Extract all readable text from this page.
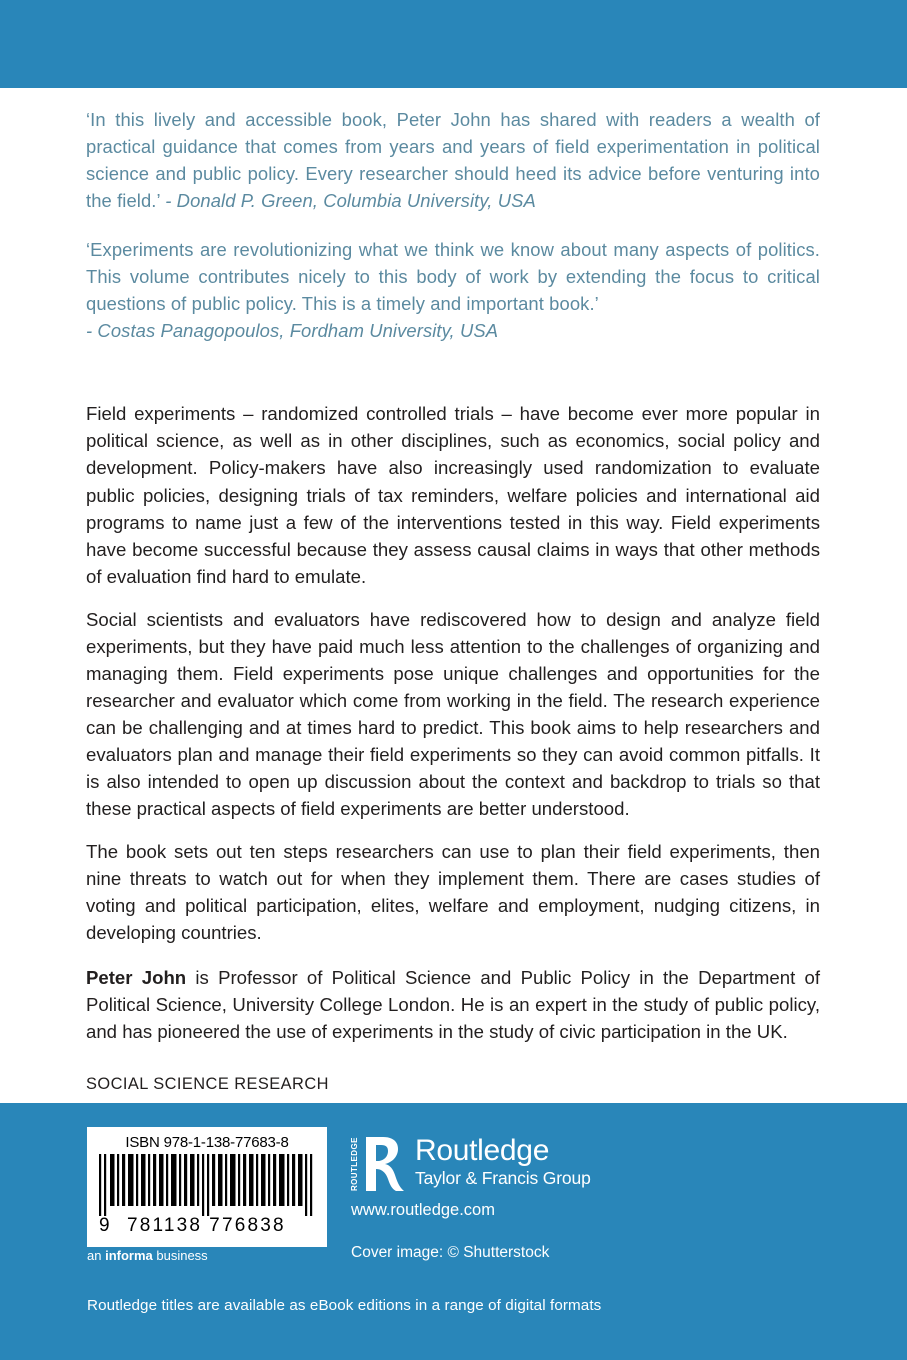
‘In this lively and accessible book, Peter John has shared with readers a wealth of practical guidance that comes from years and years of field experimentation in political science and public policy. Every researcher should heed its advice before venturing into the field.’ - Donald P. Green, Columbia University, USA
‘Experiments are revolutionizing what we think we know about many aspects of politics. This volume contributes nicely to this body of work by extending the focus to critical questions of public policy. This is a timely and important book.’
- Costas Panagopoulos, Fordham University, USA

Field experiments – randomized controlled trials – have become ever more popular in political science, as well as in other disciplines, such as economics, social policy and development. Policy-makers have also increasingly used randomization to evaluate public policies, designing trials of tax reminders, welfare policies and international aid programs to name just a few of the interventions tested in this way. Field experiments have become successful because they assess causal claims in ways that other methods of evaluation find hard to emulate.

Social scientists and evaluators have rediscovered how to design and analyze field experiments, but they have paid much less attention to the challenges of organizing and managing them. Field experiments pose unique challenges and opportunities for the researcher and evaluator which come from working in the field. The research experience can be challenging and at times hard to predict. This book aims to help researchers and evaluators plan and manage their field experiments so they can avoid common pitfalls. It is also intended to open up discussion about the context and backdrop to trials so that these practical aspects of field experiments are better understood.

The book sets out ten steps researchers can use to plan their field experiments, then nine threats to watch out for when they implement them. There are cases studies of voting and political participation, elites, welfare and employment, nudging citizens, in developing countries.

Peter John is Professor of Political Science and Public Policy in the Department of Political Science, University College London. He is an expert in the study of public policy, and has pioneered the use of experiments in the study of civic participation in the UK.

SOCIAL SCIENCE RESEARCH
ISBN 978-1-138-77683-8
9 781138 776838
an informa business
ROUTLEDGE Routledge
Taylor & Francis Group
www.routledge.com
Cover image: © Shutterstock
Routledge titles are available as eBook editions in a range of digital formats
